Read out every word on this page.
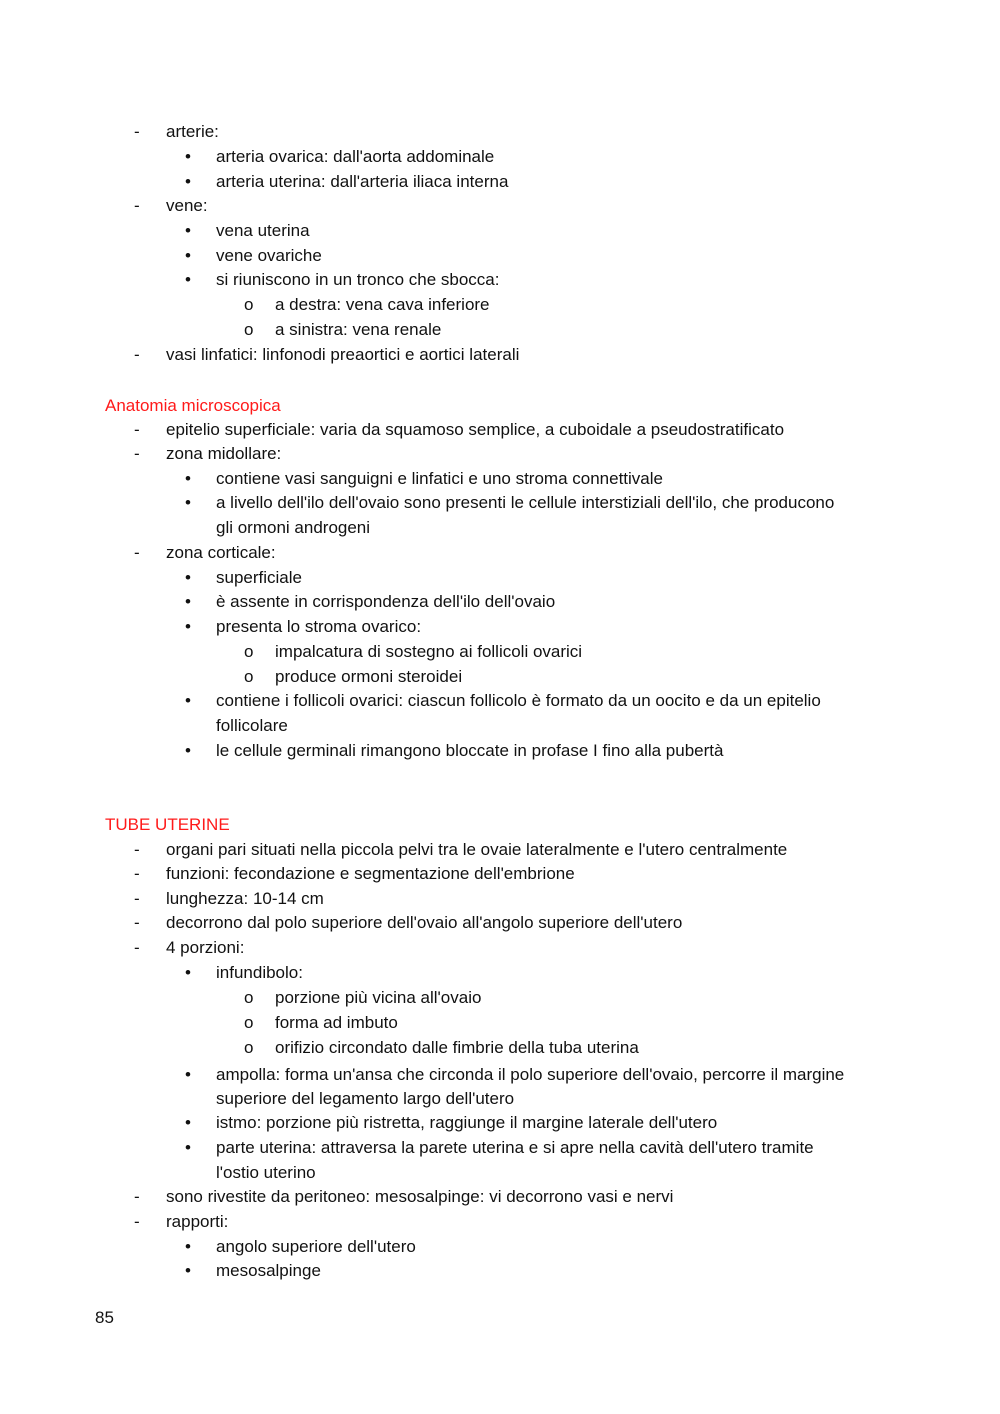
- arterie:
• arteria ovarica: dall'aorta addominale
• arteria uterina: dall'arteria iliaca interna
- vene:
• vena uterina
• vene ovariche
• si riuniscono in un tronco che sbocca:
o a destra: vena cava inferiore
o a sinistra: vena renale
- vasi linfatici: linfonodi preaortici e aortici laterali
Anatomia microscopica
- epitelio superficiale: varia da squamoso semplice, a cuboidale a pseudostratificato
- zona midollare:
• contiene vasi sanguigni e linfatici e uno stroma connettivale
• a livello dell'ilo dell'ovaio sono presenti le cellule interstiziali dell'ilo, che producono
gli ormoni androgeni
- zona corticale:
• superficiale
• è assente in corrispondenza dell'ilo dell'ovaio
• presenta lo stroma ovarico:
o impalcatura di sostegno ai follicoli ovarici
o produce ormoni steroidei
• contiene i follicoli ovarici: ciascun follicolo è formato da un oocito e da un epitelio
follicolare
• le cellule germinali rimangono bloccate in profase I fino alla pubertà
TUBE UTERINE
- organi pari situati nella piccola pelvi tra le ovaie lateralmente e l'utero centralmente
- funzioni: fecondazione e segmentazione dell'embrione
- lunghezza: 10-14 cm
- decorrono dal polo superiore dell'ovaio all'angolo superiore dell'utero
- 4 porzioni:
• infundibolo:
o porzione più vicina all'ovaio
o forma ad imbuto
o orifizio circondato dalle fimbrie della tuba uterina
• ampolla: forma un'ansa che circonda il polo superiore dell'ovaio, percorre il margine
superiore del legamento largo dell'utero
• istmo: porzione più ristretta, raggiunge il margine laterale dell'utero
• parte uterina: attraversa la parete uterina e si apre nella cavità dell'utero tramite
l'ostio uterino
- sono rivestite da peritoneo: mesosalpinge: vi decorrono vasi e nervi
- rapporti:
• angolo superiore dell'utero
• mesosalpinge
85
